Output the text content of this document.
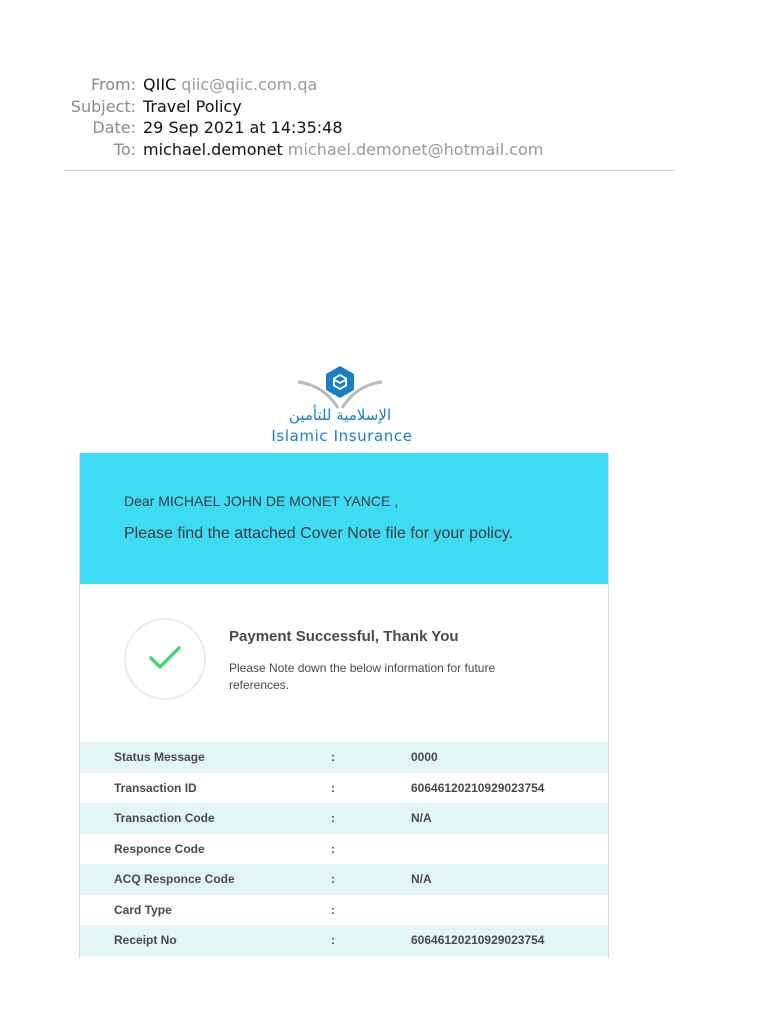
From: QIIC qiic@qiic.com.qa
Subject: Travel Policy
Date: 29 Sep 2021 at 14:35:48
To: michael.demonet michael.demonet@hotmail.com
الإسلامية للتأمين
Islamic Insurance
Dear MICHAEL JOHN DE MONET YANCE ,
Please find the attached Cover Note file for your policy.
Payment Successful, Thank You
Please Note down the below information for future references.
Status Message	:	0000
Transaction ID	:	60646120210929023754
Transaction Code	:	N/A
Responce Code	:	
ACQ Responce Code	:	N/A
Card Type	:	
Receipt No	:	60646120210929023754
